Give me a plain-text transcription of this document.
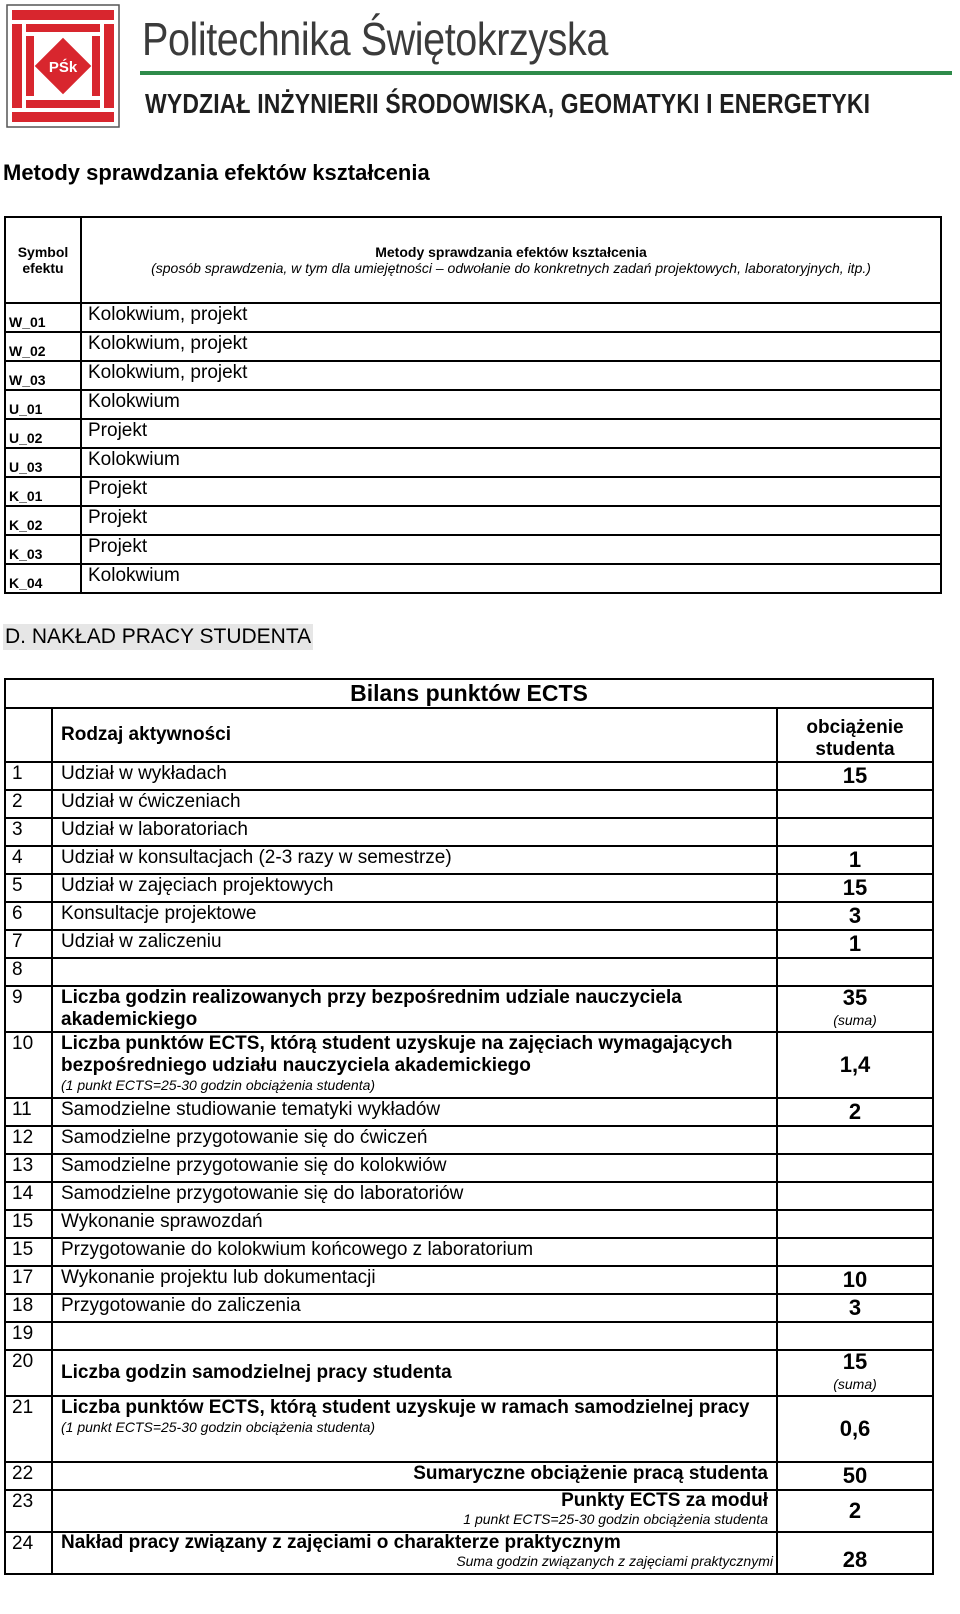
PŚk
Politechnika Świętokrzyska
WYDZIAŁ INŻYNIERII ŚRODOWISKA, GEOMATYKI I ENERGETYKI
Metody sprawdzania efektów kształcenia
Symbol efektu	Metody sprawdzania efektów kształcenia
(sposób sprawdzenia, w tym dla umiejętności – odwołanie do konkretnych zadań projektowych, laboratoryjnych, itp.)

W_01	Kolokwium, projekt
W_02	Kolokwium, projekt
W_03	Kolokwium, projekt
U_01	Kolokwium
U_02	Projekt
U_03	Kolokwium
K_01	Projekt
K_02	Projekt
K_03	Projekt
K_04	Kolokwium
D. NAKŁAD PRACY STUDENTA
Bilans punktów ECTS		
	Rodzaj aktywności	obciążenie studenta
1	Udział w wykładach	15
2	Udział w ćwiczeniach	
3	Udział w laboratoriach	
4	Udział w konsultacjach (2-3 razy w semestrze)	1
5	Udział w zajęciach projektowych	15
6	Konsultacje projektowe	3
7	Udział w zaliczeniu	1
8		
9	Liczba godzin realizowanych przy bezpośrednim udziale nauczyciela akademickiego	35
(suma)

10	Liczba punktów ECTS, którą student uzyskuje na zajęciach wymagających bezpośredniego udziału nauczyciela akademickiego
(1 punkt ECTS=25-30 godzin obciążenia studenta)	1,4
11	Samodzielne studiowanie tematyki wykładów	2
12	Samodzielne przygotowanie się do ćwiczeń	
13	Samodzielne przygotowanie się do kolokwiów	
14	Samodzielne przygotowanie się do laboratoriów	
15	Wykonanie sprawozdań	
15	Przygotowanie do kolokwium końcowego z laboratorium	
17	Wykonanie projektu lub dokumentacji	10
18	Przygotowanie do zaliczenia	3
19		
20	Liczba godzin samodzielnej pracy studenta	15
(suma)

21	Liczba punktów ECTS, którą student uzyskuje w ramach samodzielnej pracy
(1 punkt ECTS=25-30 godzin obciążenia studenta)	0,6
22	Sumaryczne obciążenie pracą studenta	50
23	Punkty ECTS za moduł
1 punkt ECTS=25-30 godzin obciążenia studenta	2
24	Nakład pracy związany z zajęciami o charakterze praktycznym
Suma godzin związanych z zajęciami praktycznymi	28
